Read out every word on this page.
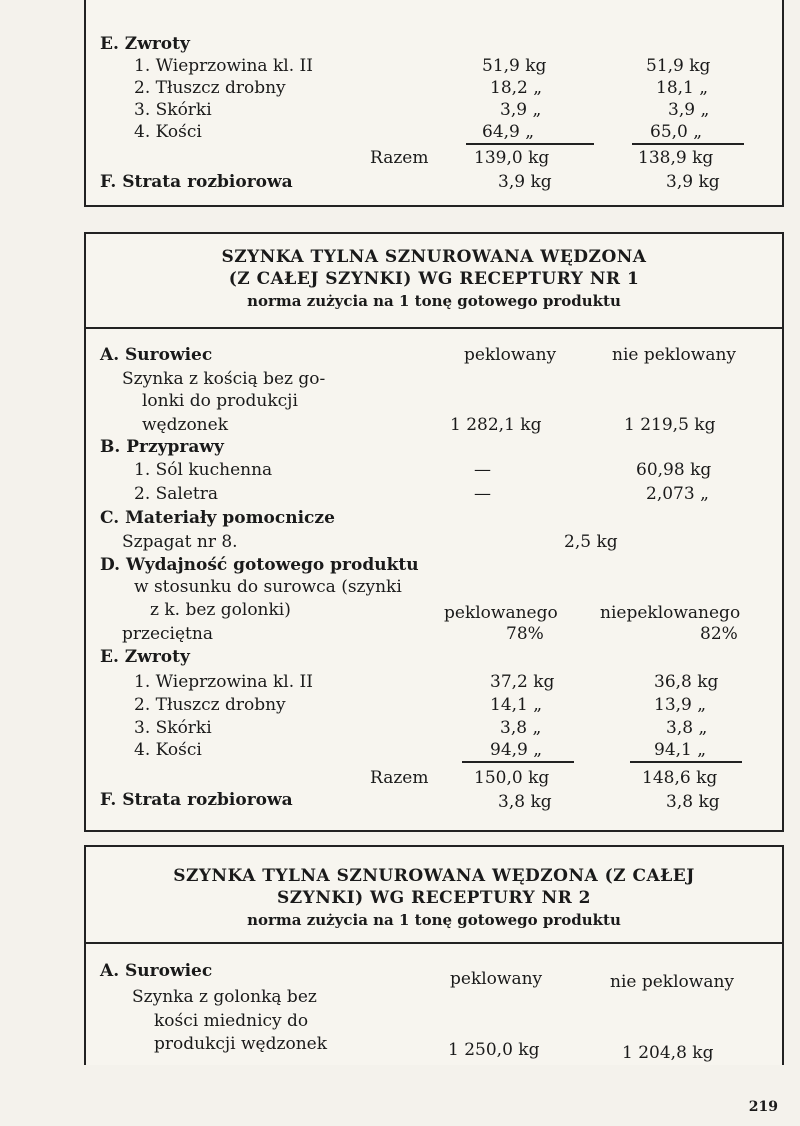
E. Zwroty
1. Wieprzowina kl. II	51,9 kg	51,9 kg
2. Tłuszcz drobny	18,2 „	18,1 „
3. Skórki	3,9 „	3,9 „
4. Kości	64,9 „	65,0 „
Razem	139,0 kg	138,9 kg
F. Strata rozbiorowa	3,9 kg	3,9 kg
SZYNKA TYLNA SZNUROWANA WĘDZONA
(Z CAŁEJ SZYNKI) WG RECEPTURY NR 1
norma zużycia na 1 tonę gotowego produktu
A. Surowiec	peklowany	nie peklowany
Szynka z kością bez go-
lonki do produkcji
wędzonek	1 282,1 kg	1 219,5 kg
B. Przyprawy
1. Sól kuchenna	—	60,98 kg
2. Saletra	—	2,073 „
C. Materiały pomocnicze
Szpagat nr 8.	2,5 kg
D. Wydajność gotowego produktu
w stosunku do surowca (szynki
z k. bez golonki)	peklowanego niepeklowanego
przeciętna	78%	82%
E. Zwroty
1. Wieprzowina kl. II	37,2 kg	36,8 kg
2. Tłuszcz drobny	14,1 „	13,9 „
3. Skórki	3,8 „	3,8 „
4. Kości	94,9 „	94,1 „
Razem	150,0 kg	148,6 kg
F. Strata rozbiorowa	3,8 kg	3,8 kg
SZYNKA TYLNA SZNUROWANA WĘDZONA (Z CAŁEJ
SZYNKI) WG RECEPTURY NR 2
norma zużycia na 1 tonę gotowego produktu
A. Surowiec	peklowany	nie peklowany
Szynka z golonką bez
kości miednicy do
produkcji wędzonek	1 250,0 kg	1 204,8 kg
219
